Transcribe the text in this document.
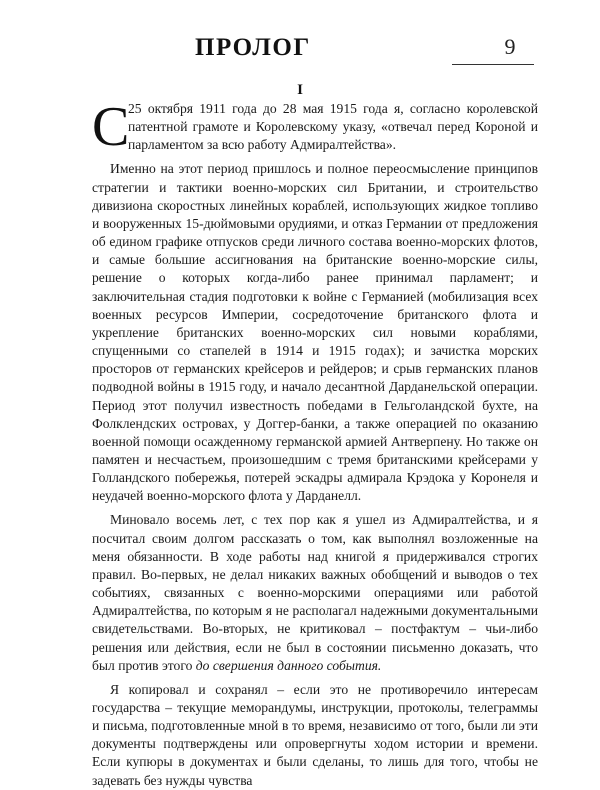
ПРОЛОГ	9
I

С
25 октября 1911 года до 28 мая 1915 года я, согласно королевской патентной грамоте и Королевскому указу, «отвечал перед Короной и парламентом за всю работу Адмиралтейства».

Именно на этот период пришлось и полное переосмысление принципов стратегии и тактики военно-морских сил Британии, и строительство дивизиона скоростных линейных кораблей, использующих жидкое топливо и вооруженных 15-дюймовыми орудиями, и отказ Германии от предложения об едином графике отпусков среди личного состава военно-морских флотов, и самые большие ассигнования на британские военно-морские силы, решение о которых когда-либо ранее принимал парламент; и заключительная стадия подготовки к войне с Германией (мобилизация всех военных ресурсов Империи, сосредоточение британского флота и укрепление британских военно-морских сил новыми кораблями, спущенными со стапелей в 1914 и 1915 годах); и зачистка морских просторов от германских крейсеров и рейдеров; и срыв германских планов подводной войны в 1915 году, и начало десантной Дарданельской операции. Период этот получил известность победами в Гельголандской бухте, на Фолклендских островах, у Доггер-банки, а также операцией по оказанию военной помощи осажденному германской армией Антверпену. Но также он памятен и несчастьем, произошедшим с тремя британскими крейсерами у Голландского побережья, потерей эскадры адмирала Крэдока у Коронеля и неудачей военно-морского флота у Дарданелл.

Миновало восемь лет, с тех пор как я ушел из Адмиралтейства, и я посчитал своим долгом рассказать о том, как выполнял возложенные на меня обязанности. В ходе работы над книгой я придерживался строгих правил. Во-первых, не делал никаких важных обобщений и выводов о тех событиях, связанных с военно-морскими операциями или работой Адмиралтейства, по которым я не располагал надежными документальными свидетельствами. Во-вторых, не критиковал – постфактум – чьи-либо решения или действия, если не был в состоянии письменно доказать, что был против этого до свершения данного события.

Я копировал и сохранял – если это не противоречило интересам государства – текущие меморандумы, инструкции, протоколы, телеграммы и письма, подготовленные мной в то время, независимо от того, были ли эти документы подтверждены или опровергнуты ходом истории и времени. Если купюры в документах и были сделаны, то лишь для того, чтобы не задевать без нужды чувства
